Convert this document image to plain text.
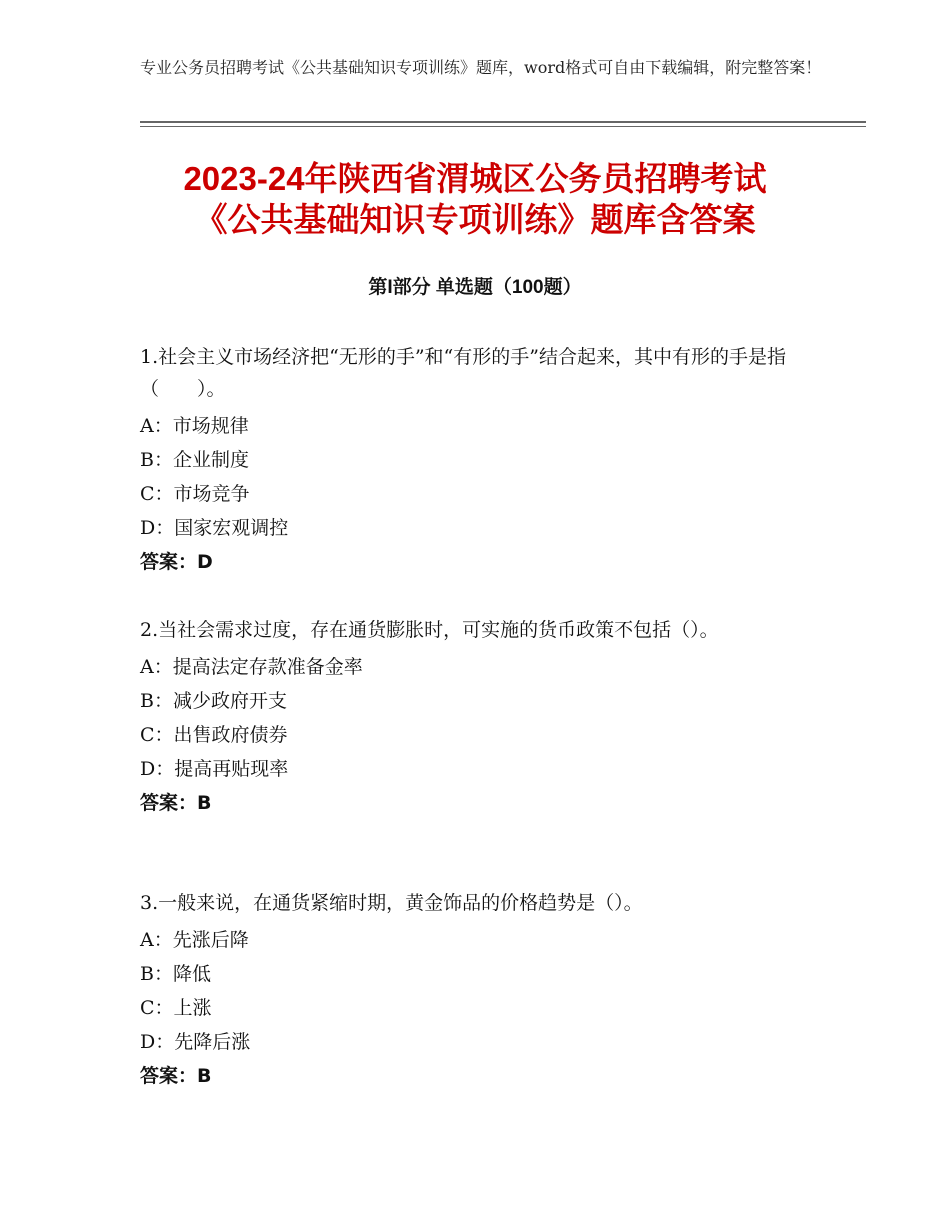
专业公务员招聘考试《公共基础知识专项训练》题库，word格式可自由下载编辑，附完整答案！
2023-24年陕西省渭城区公务员招聘考试
《公共基础知识专项训练》题库含答案
第I部分 单选题（100题）
1.社会主义市场经济把“无形的手”和“有形的手”结合起来，其中有形的手是指（　　）。
A：市场规律
B：企业制度
C：市场竞争
D：国家宏观调控
答案：D
2.当社会需求过度，存在通货膨胀时，可实施的货币政策不包括（）。
A：提高法定存款准备金率
B：减少政府开支
C：出售政府债券
D：提高再贴现率
答案：B
3.一般来说，在通货紧缩时期，黄金饰品的价格趋势是（）。
A：先涨后降
B：降低
C：上涨
D：先降后涨
答案：B
